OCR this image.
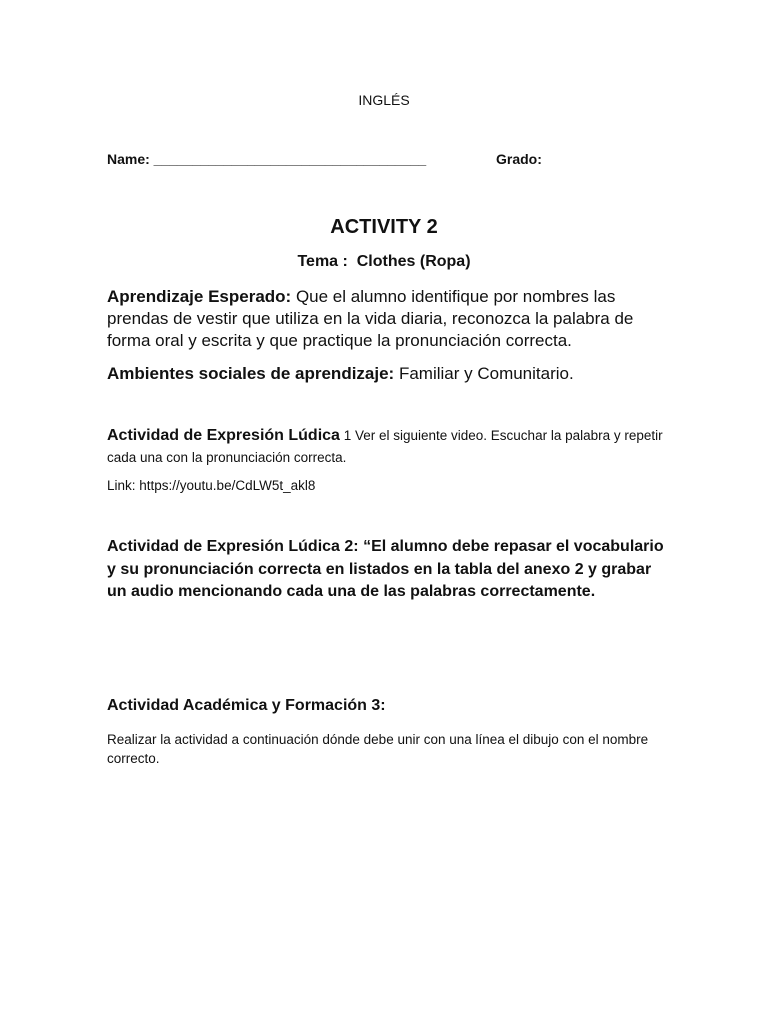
INGLÉS
Name: ___________________________________	Grado:
ACTIVITY 2
Tema :  Clothes (Ropa)
Aprendizaje Esperado: Que el alumno identifique por nombres las prendas de vestir que utiliza en la vida diaria, reconozca la palabra de forma oral y escrita y que practique la pronunciación correcta.
Ambientes sociales de aprendizaje: Familiar y Comunitario.
Actividad de Expresión Lúdica 1 Ver el siguiente video. Escuchar la palabra y repetir cada una con la pronunciación correcta.
Link: https://youtu.be/CdLW5t_akl8
Actividad de Expresión Lúdica 2: “El alumno debe repasar el vocabulario y su pronunciación correcta en listados en la tabla del anexo 2 y grabar un audio mencionando cada una de las palabras correctamente.
Actividad Académica y Formación 3:
Realizar la actividad a continuación dónde debe unir con una línea el dibujo con el nombre correcto.
